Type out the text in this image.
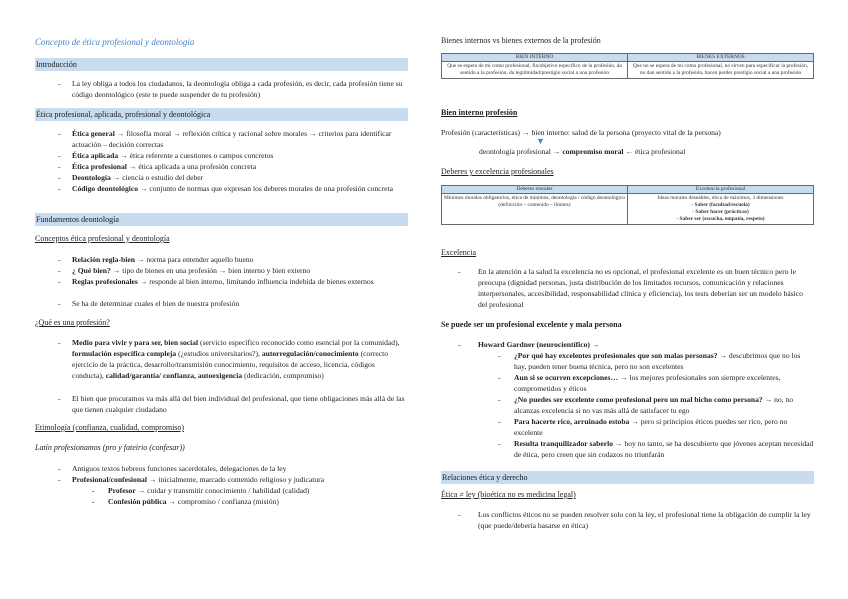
Concepto de ética profesional y deontología
Introducción
- La ley obliga a todos los ciudadanos, la deontología obliga a cada profesión, es decir, cada profesión tiene su código deontológico (este te puede suspender de tu profesión)
Ética profesional, aplicada, profesional y deontológica
- Ética general → filosofía moral → reflexión crítica y racional sobre morales → criterios para identificar actuación – decisión correctas
- Ética aplicada → ética referente a cuestiones o campos concretos
- Ética profesional → ética aplicada a una profesión concreta
- Deontología → ciencia o estudio del deber
- Código deontológico → conjunto de normas que expresan los deberes morales de una profesión concreta
Fundamentos deontología
Conceptos ética profesional y deontología
- Relación regla-bien → norma para entender aquello bueno
- ¿ Qué bien? → tipo de bienes en una profesión → bien interno y bien externo
- Reglas profesionales → responde al bien interno, limitando influencia indebida de bienes externos
- Se ha de determinar cuales el bien de nuestra profesión
¿Qué es una profesión?
- Medio para vivir y para ser, bien social (servicio específico reconocido como esencial por la comunidad), formulación específica compleja (¿estudios universitarios?), autorregulación/conocimiento (correcto ejercicio de la práctica, desarrollo/transmisión conocimiento, requisitos de acceso, licencia, códigos conducta), calidad/garantía/ confianza, autoexigencia (dedicación, compromiso)
- El bien que procuramos va más allá del bien individual del profesional, que tiene obligaciones más allá de las que tienen cualquier ciudadano
Etimología (confianza, cualidad, compromiso)
Latín profesionamos (pro y fateirio (confesar))
- Antiguos textos hebreos funciones sacerdotales, delegaciones de la ley
- Profesional/confesional → inicialmente, marcado contenido religioso y judicatura
- Profesor → cuidar y transmitir conocimiento / habilidad (calidad)
- Confesión pública → compromiso / confianza (misión)
Bienes internos vs bienes externos de la profesión
BIEN INTERNO	BIENES EXTERNOS
Que se espera de mi como profesional, fin/objetivo específico de la profesión, da sentido a la profesión, da legitimidad/prestigio social a una profesión	Que no se espera de mi como profesional, no sirven para especificar la profesión, no dan sentido a la profesión, hacen perder prestigio social a una profesión
Bien interno profesión
Profesión (características) → bien interno: salud de la persona (proyecto vital de la persona)
▼
deontología profesional → compromiso moral ← ética profesional
Deberes y excelencia profesionales
Deberes morales	Excelencia profesional
Mínimos morales obligatorios, ética de mínimos, deontología / código deontológico (definición – contenido – límites)	Ideas morales deseables, ética de máximos, 3 dimensiones
- Saber (facultad/escuela)
- Saber hacer (prácticas)
- Saber ser (escucha, empatía, respeto)
Excelencia
- En la atención a la salud la excelencia no es opcional, el profesional excelente es un buen técnico pero le preocupa (dignidad personas, justa distribución de los limitados recursos, comunicación y relaciones interpersonales, accesibilidad, responsabilidad clínica y eficiencia), los tests deberían ser un modelo básico del profesional
Se puede ser un profesional excelente y mala persona
- Howard Gardner (neurocientífico) →
- ¿Por qué hay excelentes profesionales que son malas personas? → descubrimos que no los hay, pueden tener buena técnica, pero no son excelentes
- Aun si se ocurren excepciones… → los mejores profesionales son siempre excelentes, comprometidos y éticos
- ¿No puedes ser excelente como profesional pero un mal bicho como persona? → no, no alcanzas excelencia si no vas más allá de satisfacer tu ego
- Para hacerte rico, arruinado estoba → pero si principios éticos puedes ser rico, pero no excelente
- Resulta tranquilizador saberlo → hoy no tanto, se ha descubierto que jóvenes aceptan necesidad de ética, pero creen que sin codazos no triunfarán
Relaciones ética y derecho
Ética ≠ ley (bioética no es medicina legal)
- Los conflictos éticos no se pueden resolver solo con la ley, el profesional tiene la obligación de cumplir la ley (que puede/debería basarse en ética)
